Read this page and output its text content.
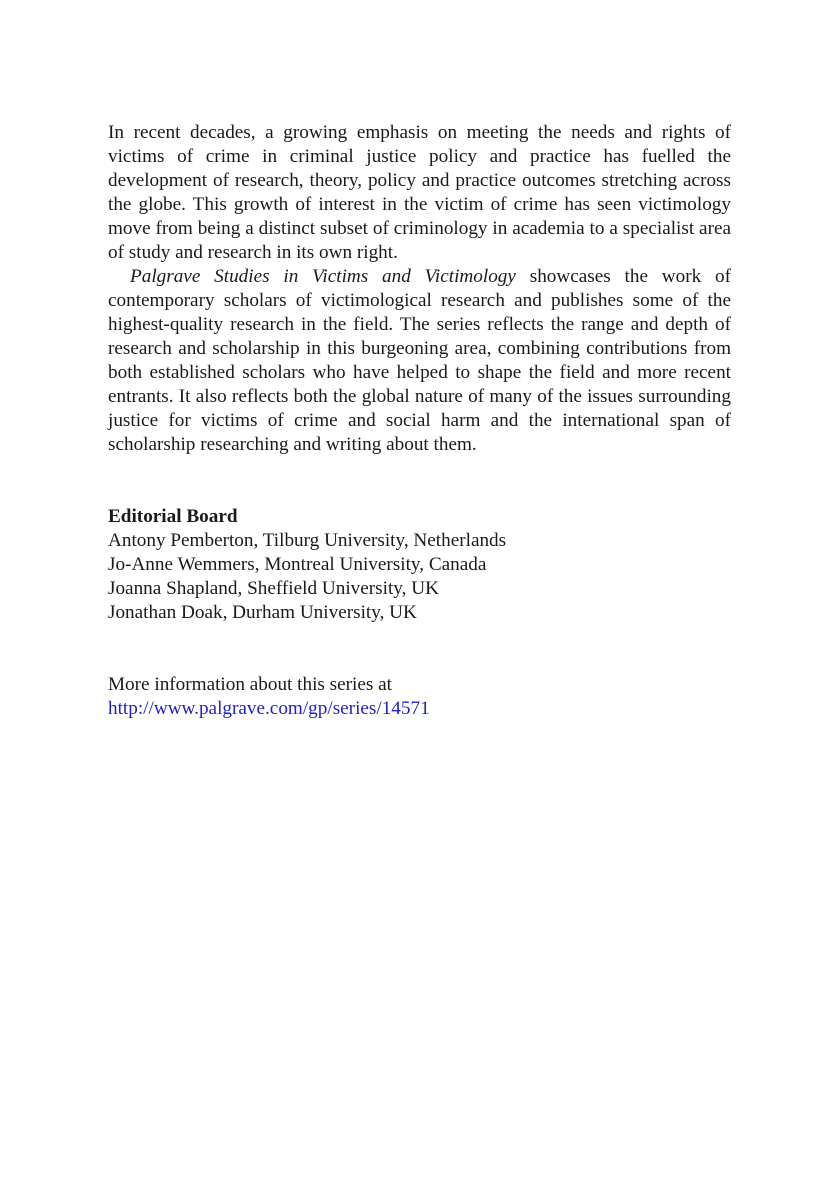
In recent decades, a growing emphasis on meeting the needs and rights of victims of crime in criminal justice policy and practice has fuelled the development of research, theory, policy and practice outcomes stretching across the globe. This growth of interest in the victim of crime has seen victimology move from being a distinct subset of criminology in academia to a specialist area of study and research in its own right.

Palgrave Studies in Victims and Victimology showcases the work of contemporary scholars of victimological research and publishes some of the highest-quality research in the field. The series reflects the range and depth of research and scholarship in this burgeoning area, combining contributions from both established scholars who have helped to shape the field and more recent entrants. It also reflects both the global nature of many of the issues surrounding justice for victims of crime and social harm and the international span of scholarship researching and writing about them.

Editorial Board

Antony Pemberton, Tilburg University, Netherlands
Jo-Anne Wemmers, Montreal University, Canada
Joanna Shapland, Sheffield University, UK
Jonathan Doak, Durham University, UK

More information about this series at

http://www.palgrave.com/gp/series/14571
